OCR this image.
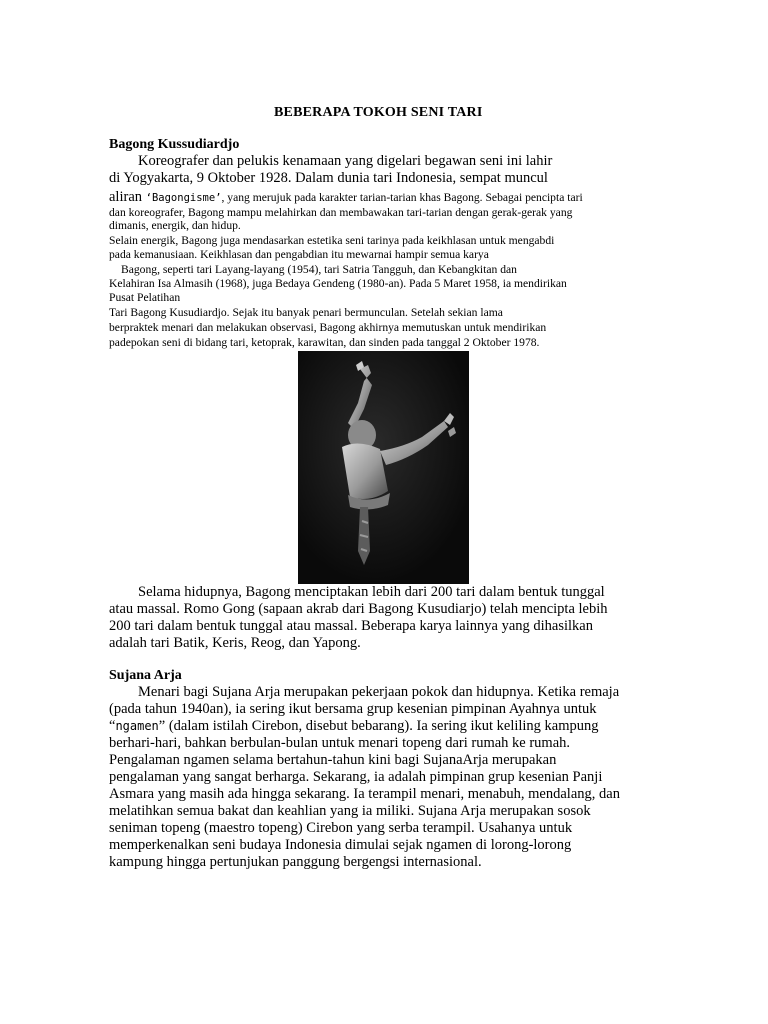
BEBERAPA TOKOH SENI TARI
Bagong Kussudiardjo
Koreografer dan pelukis kenamaan yang digelari begawan seni ini lahir
di Yogyakarta, 9 Oktober 1928. Dalam dunia tari Indonesia, sempat muncul
aliran ‘Bagongisme’, yang merujuk pada karakter tarian-tarian khas Bagong. Sebagai pencipta tari
dan koreografer, Bagong mampu melahirkan dan membawakan tari-tarian dengan gerak-gerak yang
dimanis, energik, dan hidup.
Selain energik, Bagong juga mendasarkan estetika seni tarinya pada keikhlasan untuk mengabdi
pada kemanusiaan. Keikhlasan dan pengabdian itu mewarnai hampir semua karya
Bagong, seperti tari Layang-layang (1954), tari Satria Tangguh, dan Kebangkitan dan
Kelahiran Isa Almasih (1968), juga Bedaya Gendeng (1980-an). Pada 5 Maret 1958, ia mendirikan
Pusat Pelatihan
Tari Bagong Kusudiardjo. Sejak itu banyak penari bermunculan. Setelah sekian lama
berpraktek menari dan melakukan observasi, Bagong akhirnya memutuskan untuk mendirikan
padepokan seni di bidang tari, ketoprak, karawitan, dan sinden pada tanggal 2 Oktober 1978.
Selama hidupnya, Bagong menciptakan lebih dari 200 tari dalam bentuk tunggal
atau massal. Romo Gong (sapaan akrab dari Bagong Kusudiarjo) telah mencipta lebih
200 tari dalam bentuk tunggal atau massal. Beberapa karya lainnya yang dihasilkan
adalah tari Batik, Keris, Reog, dan Yapong.
Sujana Arja
Menari bagi Sujana Arja merupakan pekerjaan pokok dan hidupnya. Ketika remaja
(pada tahun 1940an), ia sering ikut bersama grup kesenian pimpinan Ayahnya untuk
“ngamen” (dalam istilah Cirebon, disebut bebarang). Ia sering ikut keliling kampung
berhari-hari, bahkan berbulan-bulan untuk menari topeng dari rumah ke rumah.
Pengalaman ngamen selama bertahun-tahun kini bagi SujanaArja merupakan
pengalaman yang sangat berharga. Sekarang, ia adalah pimpinan grup kesenian Panji
Asmara yang masih ada hingga sekarang. Ia terampil menari, menabuh, mendalang, dan
melatihkan semua bakat dan keahlian yang ia miliki. Sujana Arja merupakan sosok
seniman topeng (maestro topeng) Cirebon yang serba terampil. Usahanya untuk
memperkenalkan seni budaya Indonesia dimulai sejak ngamen di lorong-lorong
kampung hingga pertunjukan panggung bergengsi internasional.
